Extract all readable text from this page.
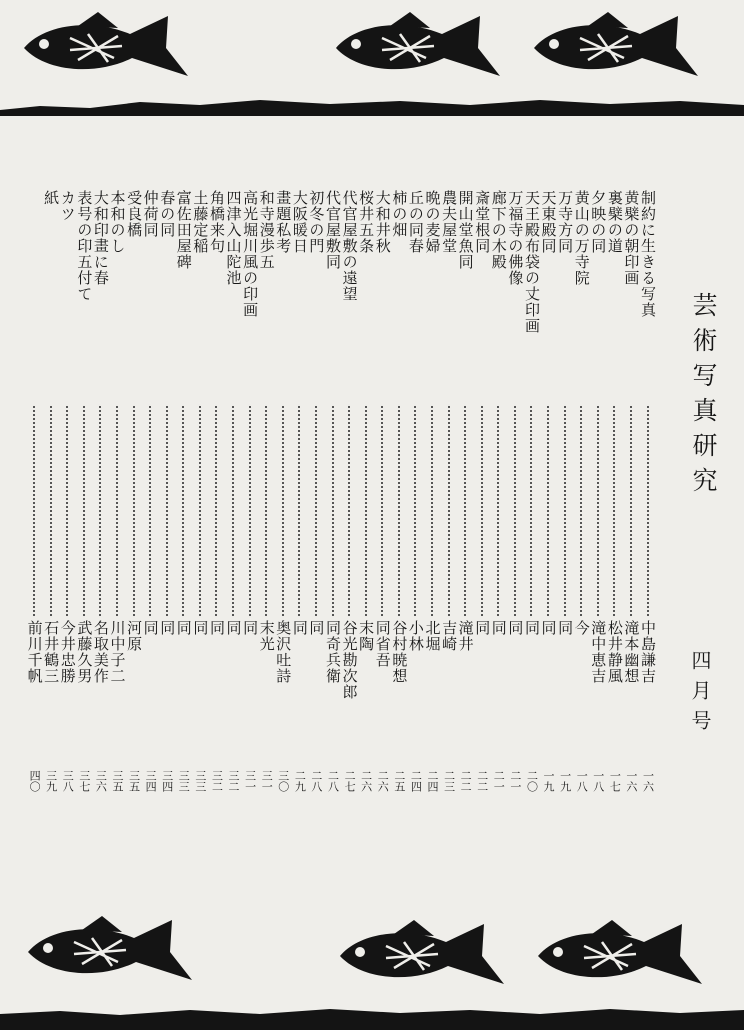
制約に生きる写真
中島謙吉
一六
黄檗の朝印画
滝本幽想
一六
裏檗の道
松井静風
一七
夕映の同
滝中恵吉
一八
黄山の万寺院
今
一八
万寺方同
同
一九
天東殿同
同
一九
天王殿布袋の丈印画
同
二〇
万福寺の佛像
同
二一
廊下の木殿
同
二一
斎堂根同
同
二二
開山堂魚同
滝井
二二
農夫屋堂
吉崎
二三
晩の麦婦
北堀
二四
丘の同春
小林
二四
柿の畑
谷村暁想
二五
大和井秋
同省吾
二六
桜井五条
末陶
二六
代官屋敷の遠望
谷光勘次郎
二七
代官屋敷同
同奇兵衛
二八
初冬の門
同
二八
大阪暖日
同
二九
畫題私考
奥沢吐詩
三〇
和寺漫歩五
末光
三一
高光堀川風の印画
同
三一
四津入山陀池
同
三二
角橋来句
同
三二
土藤定稲
同
三三
富佐田屋碑
同
三三
春の同
同
三四
仲荷同
同
三四
受良橋
河原
三五
本和のし
川中子二
三五
大和印畫に春
名取美作
三六
表号の印五付て
武藤久男
三七
カツ
今井忠勝
三八
紙
石井鶴三
三九
前川千帆
四〇
芸術写真研究
四月号
